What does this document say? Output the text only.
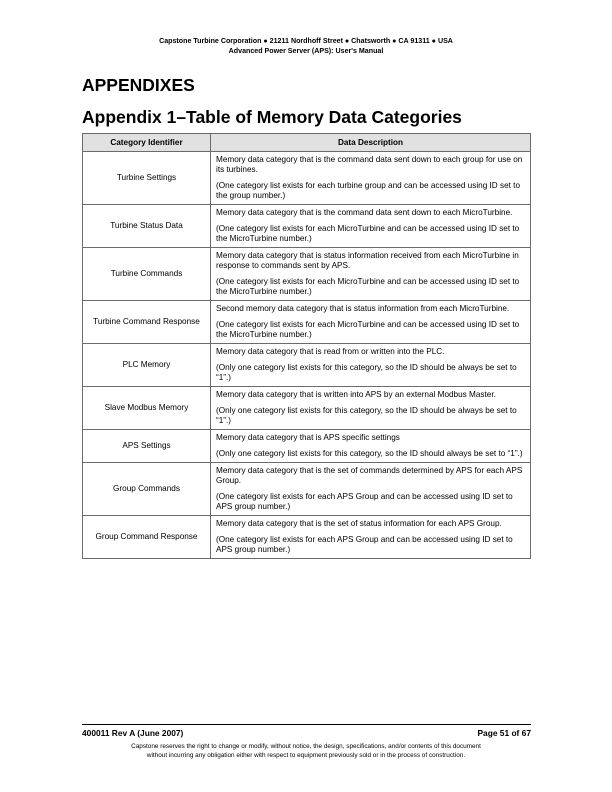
Capstone Turbine Corporation ● 21211 Nordhoff Street ● Chatsworth ● CA 91311 ● USA
Advanced Power Server (APS): User's Manual
APPENDIXES
Appendix 1–Table of Memory Data Categories
Category Identifier	Data Description
Turbine Settings	Memory data category that is the command data sent down to each group for use on its turbines.

(One category list exists for each turbine group and can be accessed using ID set to the group number.)

Turbine Status Data	Memory data category that is the command data sent down to each MicroTurbine.

(One category list exists for each MicroTurbine and can be accessed using ID set to the MicroTurbine number.)

Turbine Commands	Memory data category that is status information received from each MicroTurbine in response to commands sent by APS.

(One category list exists for each MicroTurbine and can be accessed using ID set to the MicroTurbine number.)

Turbine Command Response	Second memory data category that is status information from each MicroTurbine.

(One category list exists for each MicroTurbine and can be accessed using ID set to the MicroTurbine number.)

PLC Memory	Memory data category that is read from or written into the PLC.

(Only one category list exists for this category, so the ID should be always be set to “1”.)

Slave Modbus Memory	Memory data category that is written into APS by an external Modbus Master.

(Only one category list exists for this category, so the ID should be always be set to “1”.)

APS Settings	Memory data category that is APS specific settings

(Only one category list exists for this category, so the ID should always be set to “1”.)

Group Commands	Memory data category that is the set of commands determined by APS for each APS Group.

(One category list exists for each APS Group and can be accessed using ID set to APS group number.)

Group Command Response	Memory data category that is the set of status information for each APS Group.

(One category list exists for each APS Group and can be accessed using ID set to APS group number.)

400011 Rev A (June 2007)	Page 51 of 67
Capstone reserves the right to change or modify, without notice, the design, specifications, and/or contents of this document
without incurring any obligation either with respect to equipment previously sold or in the process of construction.
